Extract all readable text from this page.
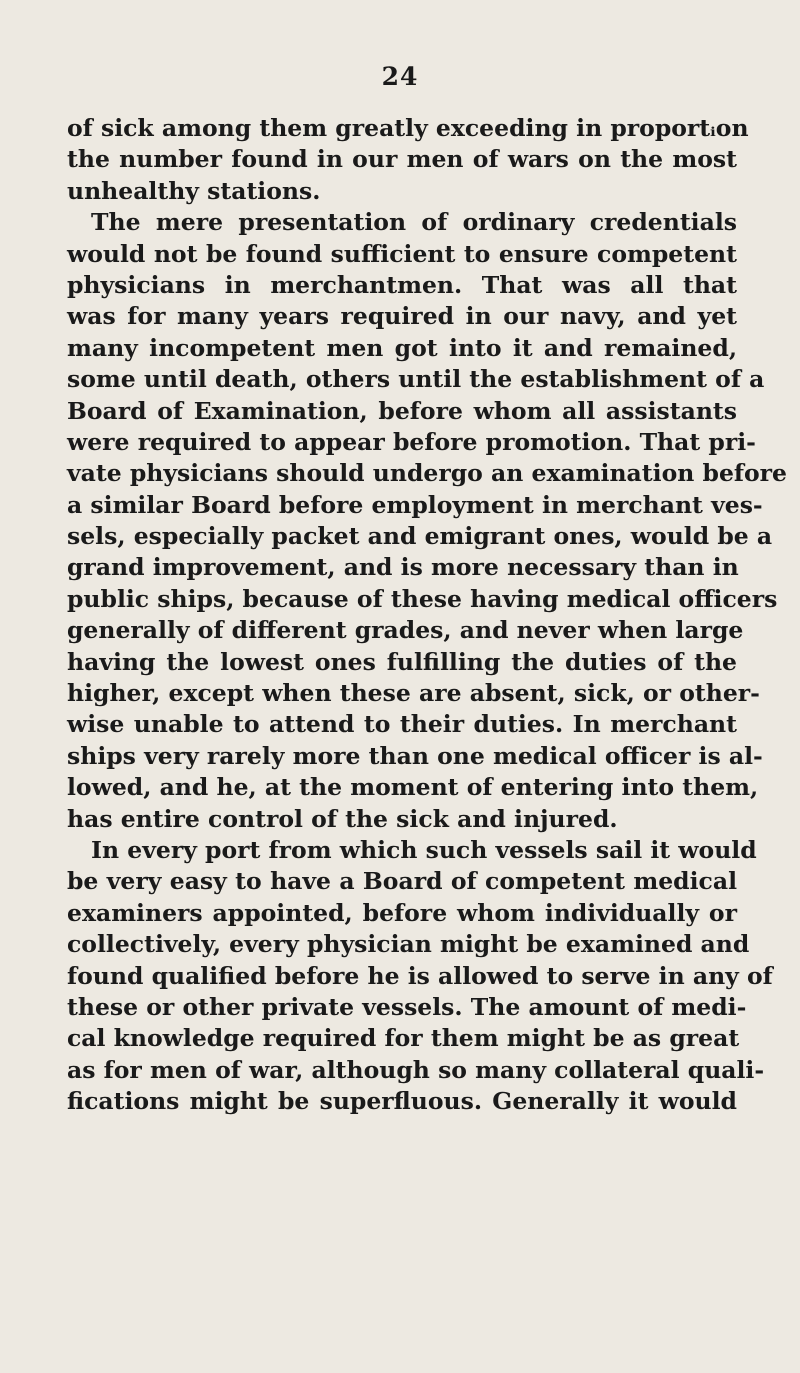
24
of sick among them greatly exceeding in proportᵢon
the number found in our men of wars on the most
unhealthy stations.
The mere presentation of ordinary credentials
would not be found sufficient to ensure competent
physicians in merchantmen. That was all that
was for many years required in our navy, and yet
many incompetent men got into it and remained,
some until death, others until the establishment of a
Board of Examination, before whom all assistants
were required to appear before promotion. That pri-
vate physicians should undergo an examination before
a similar Board before employment in merchant ves-
sels, especially packet and emigrant ones, would be a
grand improvement, and is more necessary than in
public ships, because of these having medical officers
generally of different grades, and never when large
having the lowest ones fulfilling the duties of the
higher, except when these are absent, sick, or other-
wise unable to attend to their duties. In merchant
ships very rarely more than one medical officer is al-
lowed, and he, at the moment of entering into them,
has entire control of the sick and injured.
In every port from which such vessels sail it would
be very easy to have a Board of competent medical
examiners appointed, before whom individually or
collectively, every physician might be examined and
found qualified before he is allowed to serve in any of
these or other private vessels. The amount of medi-
cal knowledge required for them might be as great
as for men of war, although so many collateral quali-
fications might be superfluous. Generally it would
